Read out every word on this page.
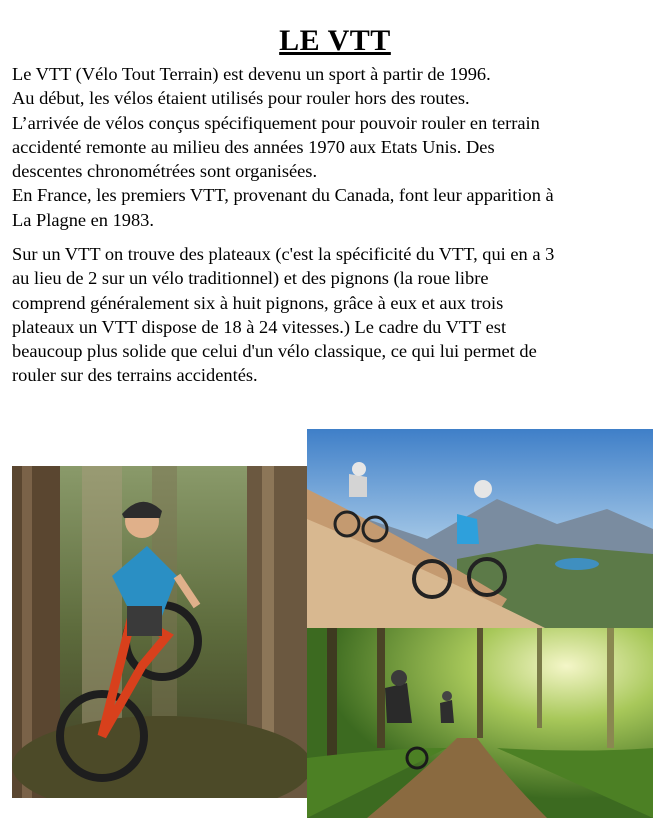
LE VTT
Le VTT (Vélo Tout Terrain) est devenu un sport à partir de 1996.
Au début, les vélos étaient utilisés pour rouler hors des routes.
L’arrivée de vélos conçus spécifiquement pour pouvoir rouler en terrain
accidenté remonte au milieu des années 1970 aux Etats Unis. Des
descentes chronométrées sont organisées.
En France, les premiers VTT, provenant du Canada, font leur apparition à
La Plagne en 1983.
Sur un VTT on trouve des plateaux (c'est la spécificité du VTT, qui en a 3
au lieu de 2 sur un vélo traditionnel) et des pignons (la roue libre
comprend généralement six à huit pignons, grâce à eux et aux trois
plateaux un VTT dispose de 18 à 24 vitesses.) Le cadre du VTT est
beaucoup plus solide que celui d'un vélo classique, ce qui lui permet de
rouler sur des terrains accidentés.
